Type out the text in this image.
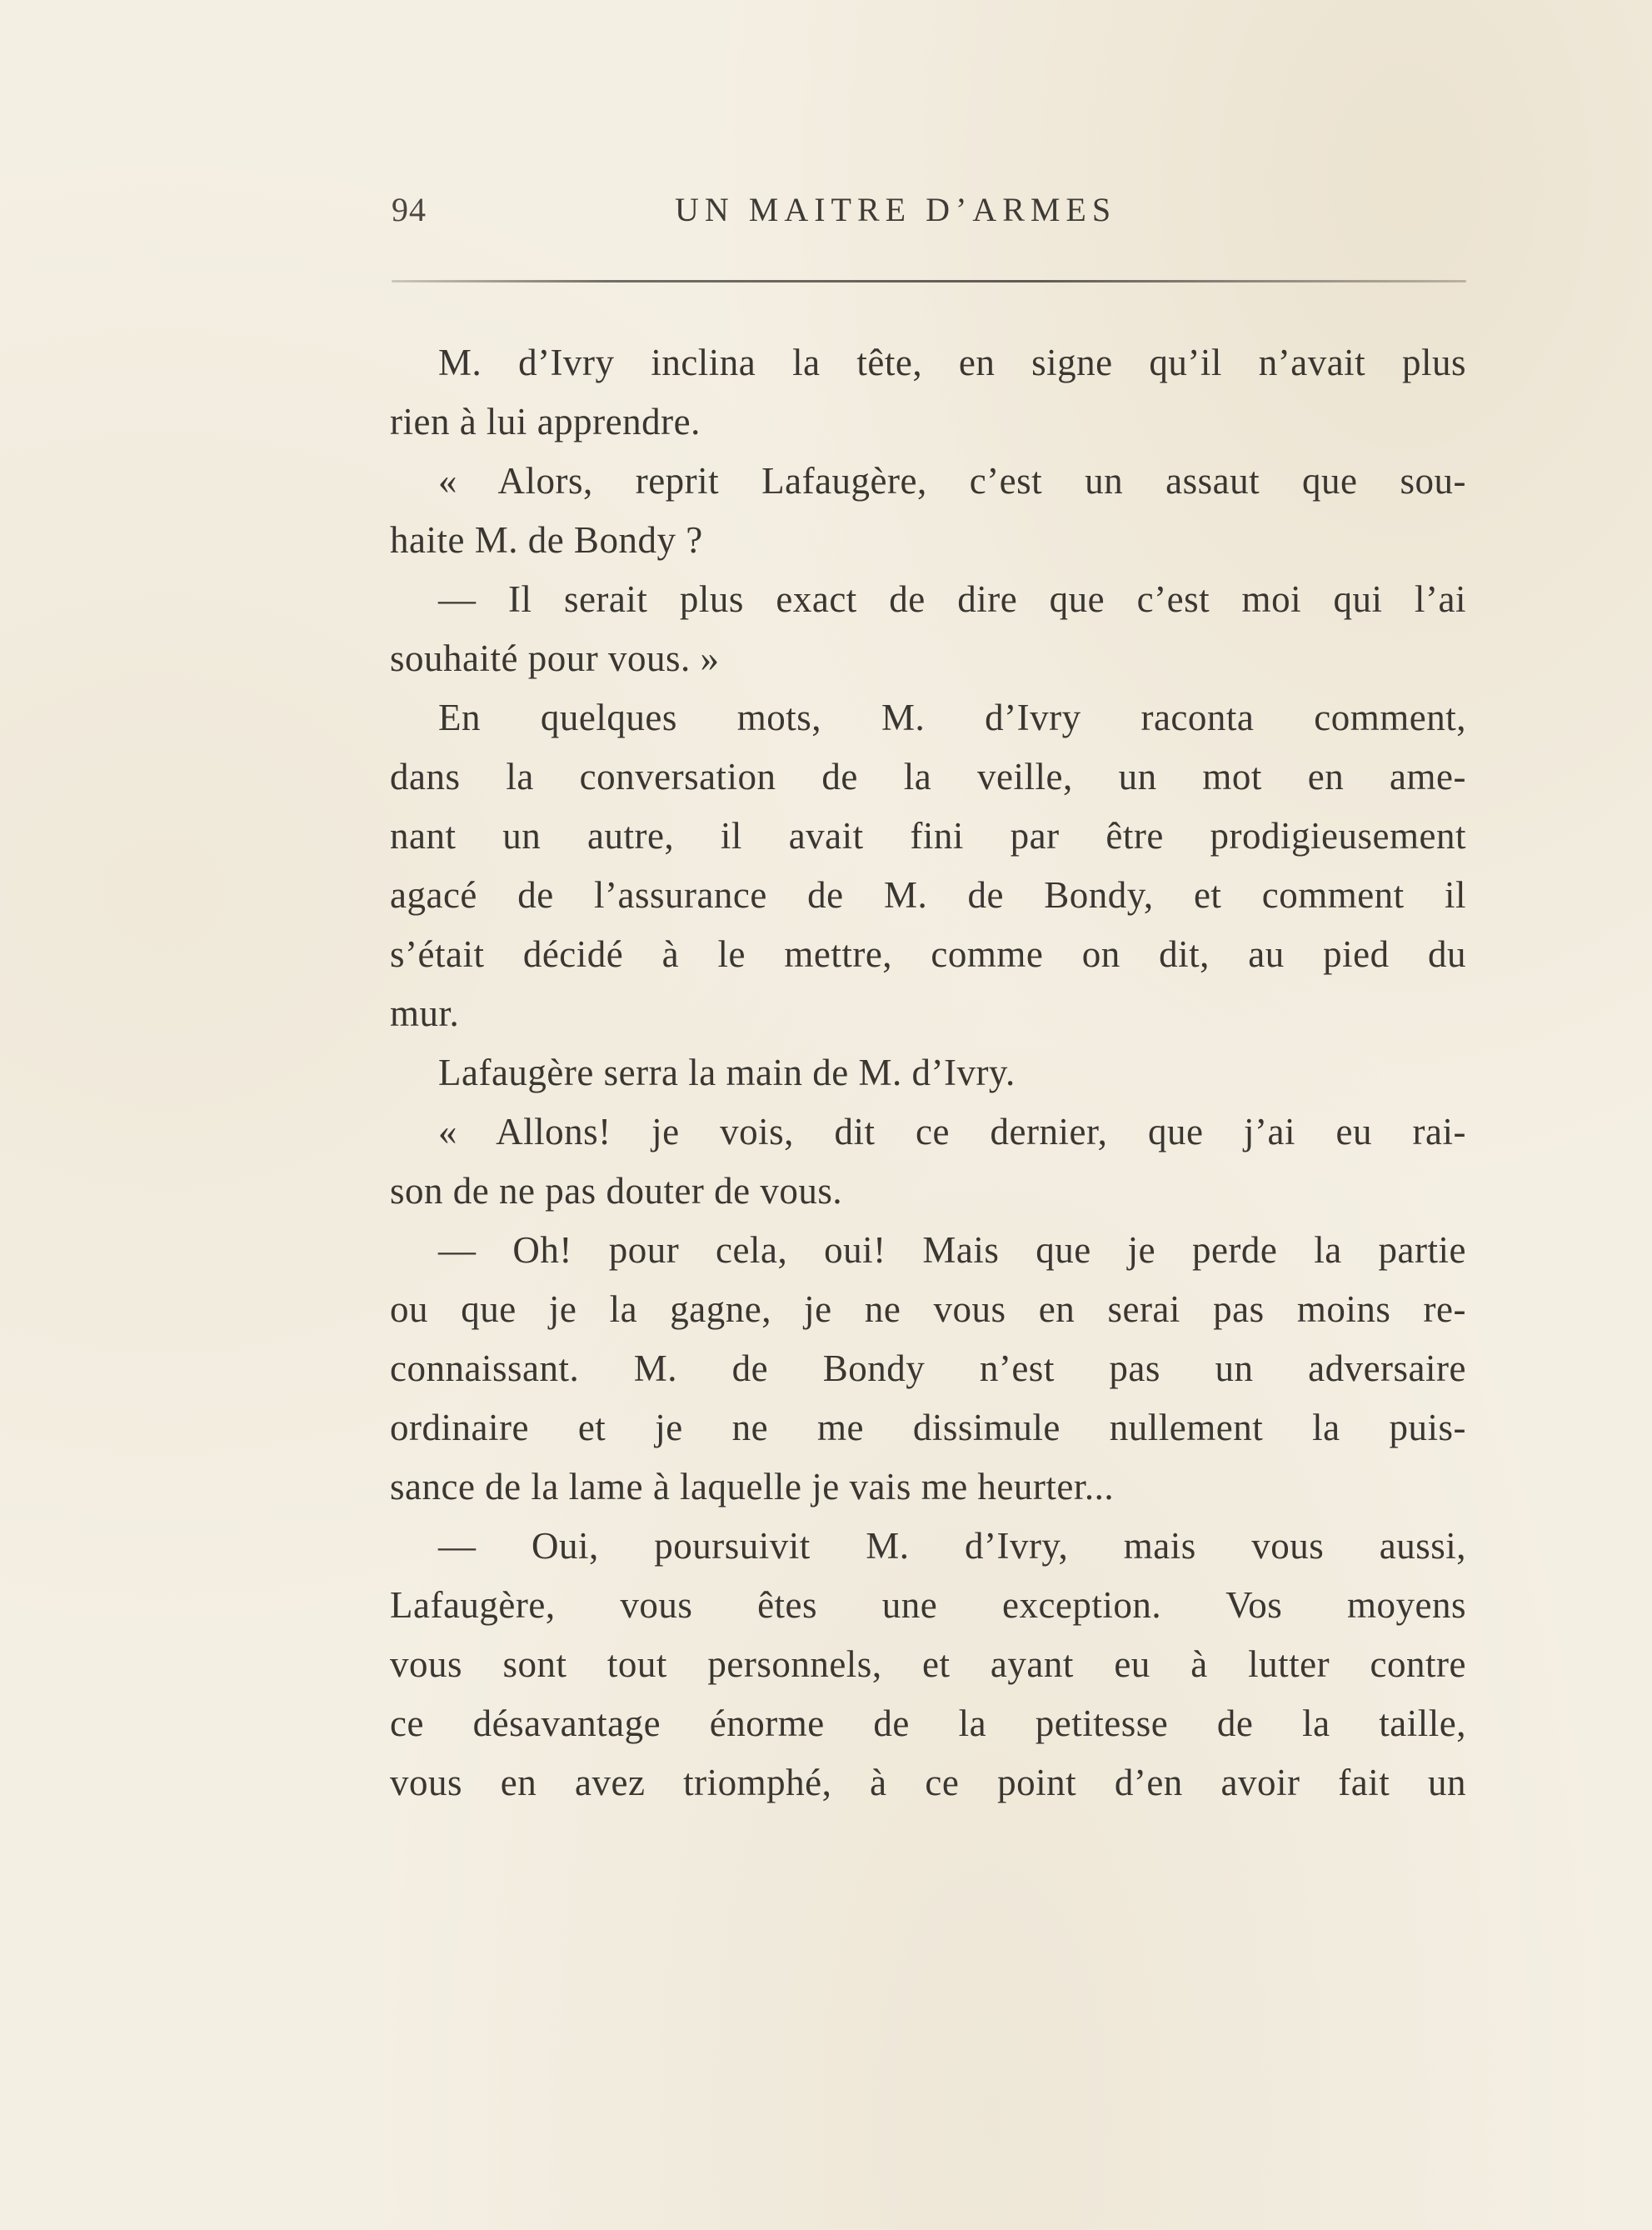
94	UN MAITRE D’ARMES
M. d’Ivry inclina la tête, en signe qu’il n’avait plus
rien à lui apprendre.
« Alors, reprit Lafaugère, c’est un assaut que sou-
haite M. de Bondy ?
— Il serait plus exact de dire que c’est moi qui l’ai
souhaité pour vous. »
En quelques mots, M. d’Ivry raconta comment,
dans la conversation de la veille, un mot en ame-
nant un autre, il avait fini par être prodigieusement
agacé de l’assurance de M. de Bondy, et comment il
s’était décidé à le mettre, comme on dit, au pied du
mur.
Lafaugère serra la main de M. d’Ivry.
« Allons! je vois, dit ce dernier, que j’ai eu rai-
son de ne pas douter de vous.
— Oh! pour cela, oui! Mais que je perde la partie
ou que je la gagne, je ne vous en serai pas moins re-
connaissant. M. de Bondy n’est pas un adversaire
ordinaire et je ne me dissimule nullement la puis-
sance de la lame à laquelle je vais me heurter...
— Oui, poursuivit M. d’Ivry, mais vous aussi,
Lafaugère, vous êtes une exception. Vos moyens
vous sont tout personnels, et ayant eu à lutter contre
ce désavantage énorme de la petitesse de la taille,
vous en avez triomphé, à ce point d’en avoir fait un
